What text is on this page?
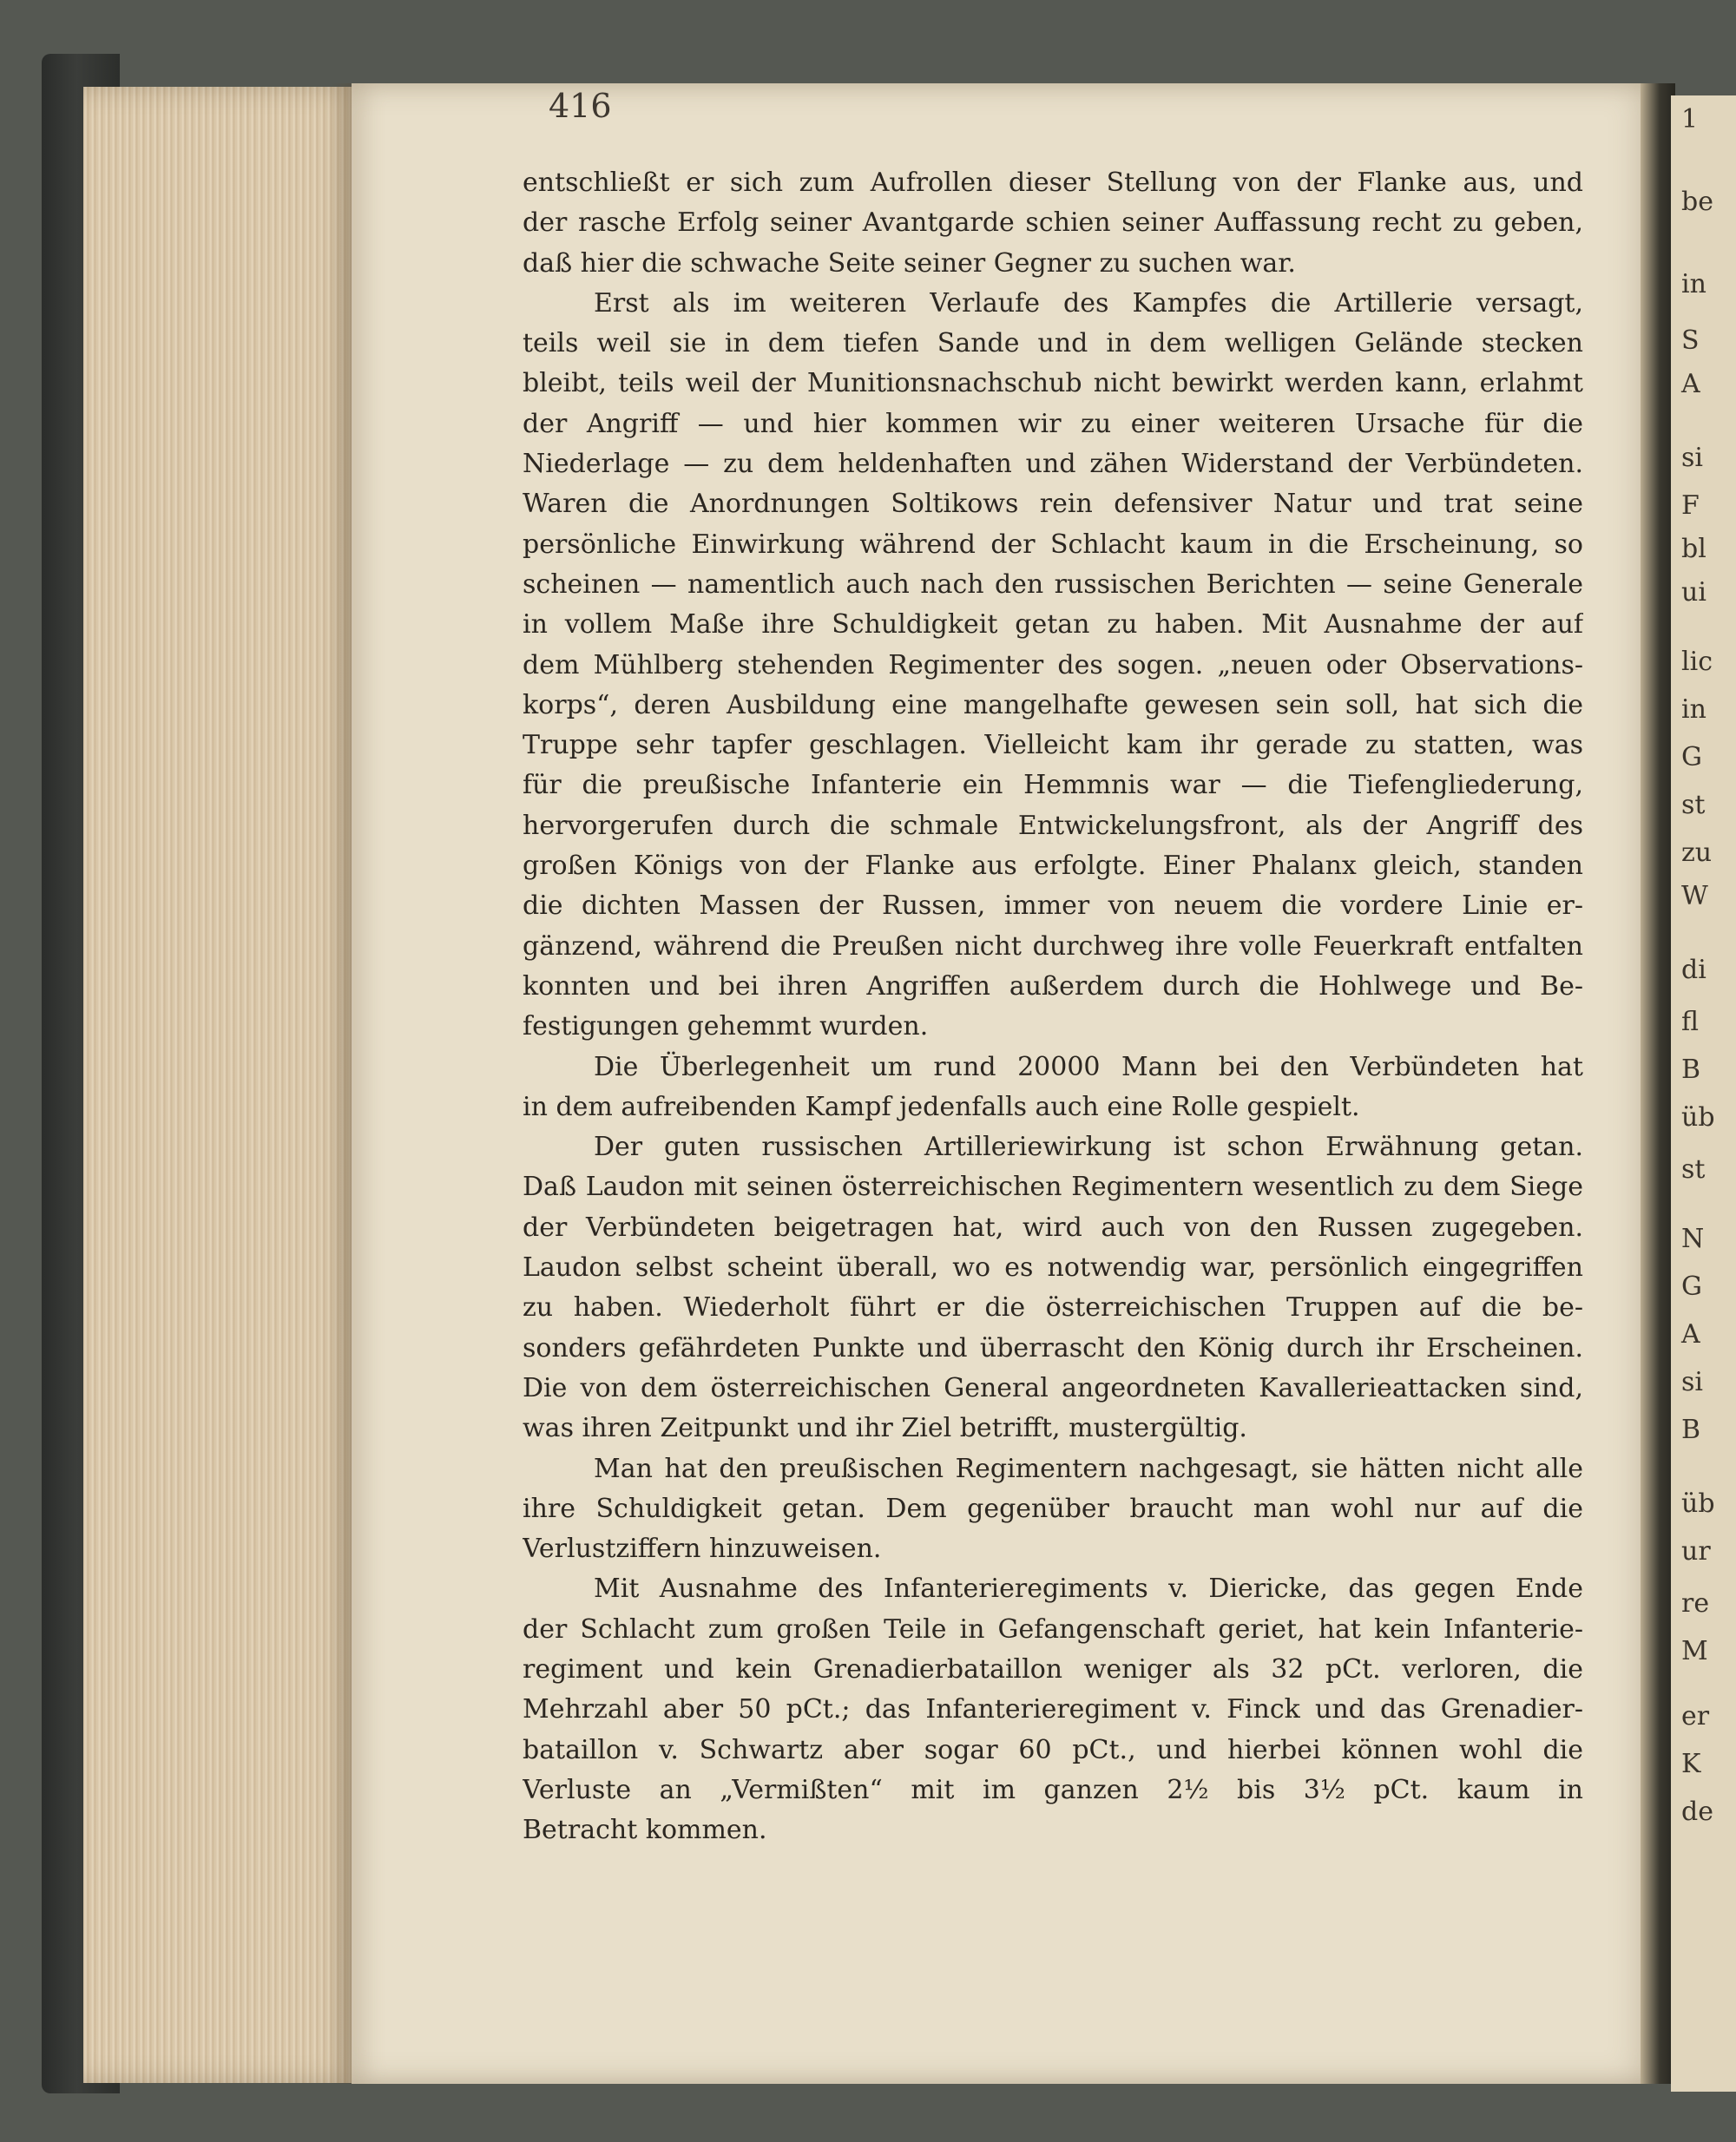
1
be
in
S
A
si
F
bl
ui
lic
in
G
st
zu
W
di
fl
B
üb
st
N
G
A
si
B
üb
ur
re
M
er
K
de
416
entschließt er sich zum Aufrollen dieser Stellung von der Flanke aus, und
der rasche Erfolg seiner Avantgarde schien seiner Auffassung recht zu geben,
daß hier die schwache Seite seiner Gegner zu suchen war.
Erst als im weiteren Verlaufe des Kampfes die Artillerie versagt,
teils weil sie in dem tiefen Sande und in dem welligen Gelände stecken
bleibt, teils weil der Munitionsnachschub nicht bewirkt werden kann, erlahmt
der Angriff — und hier kommen wir zu einer weiteren Ursache für die
Niederlage — zu dem heldenhaften und zähen Widerstand der Verbündeten.
Waren die Anordnungen Soltikows rein defensiver Natur und trat seine
persönliche Einwirkung während der Schlacht kaum in die Erscheinung, so
scheinen — namentlich auch nach den russischen Berichten — seine Generale
in vollem Maße ihre Schuldigkeit getan zu haben. Mit Ausnahme der auf
dem Mühlberg stehenden Regimenter des sogen. „neuen oder Observations-
korps“, deren Ausbildung eine mangelhafte gewesen sein soll, hat sich die
Truppe sehr tapfer geschlagen. Vielleicht kam ihr gerade zu statten, was
für die preußische Infanterie ein Hemmnis war — die Tiefengliederung,
hervorgerufen durch die schmale Entwickelungsfront, als der Angriff des
großen Königs von der Flanke aus erfolgte. Einer Phalanx gleich, standen
die dichten Massen der Russen, immer von neuem die vordere Linie er-
gänzend, während die Preußen nicht durchweg ihre volle Feuerkraft entfalten
konnten und bei ihren Angriffen außerdem durch die Hohlwege und Be-
festigungen gehemmt wurden.
Die Überlegenheit um rund 20000 Mann bei den Verbündeten hat
in dem aufreibenden Kampf jedenfalls auch eine Rolle gespielt.
Der guten russischen Artilleriewirkung ist schon Erwähnung getan.
Daß Laudon mit seinen österreichischen Regimentern wesentlich zu dem Siege
der Verbündeten beigetragen hat, wird auch von den Russen zugegeben.
Laudon selbst scheint überall, wo es notwendig war, persönlich eingegriffen
zu haben. Wiederholt führt er die österreichischen Truppen auf die be-
sonders gefährdeten Punkte und überrascht den König durch ihr Erscheinen.
Die von dem österreichischen General angeordneten Kavallerieattacken sind,
was ihren Zeitpunkt und ihr Ziel betrifft, mustergültig.
Man hat den preußischen Regimentern nachgesagt, sie hätten nicht alle
ihre Schuldigkeit getan. Dem gegenüber braucht man wohl nur auf die
Verlustziffern hinzuweisen.
Mit Ausnahme des Infanterieregiments v. Diericke, das gegen Ende
der Schlacht zum großen Teile in Gefangenschaft geriet, hat kein Infanterie-
regiment und kein Grenadierbataillon weniger als 32 pCt. verloren, die
Mehrzahl aber 50 pCt.; das Infanterieregiment v. Finck und das Grenadier-
bataillon v. Schwartz aber sogar 60 pCt., und hierbei können wohl die
Verluste an „Vermißten“ mit im ganzen 2½ bis 3½ pCt. kaum in
Betracht kommen.
